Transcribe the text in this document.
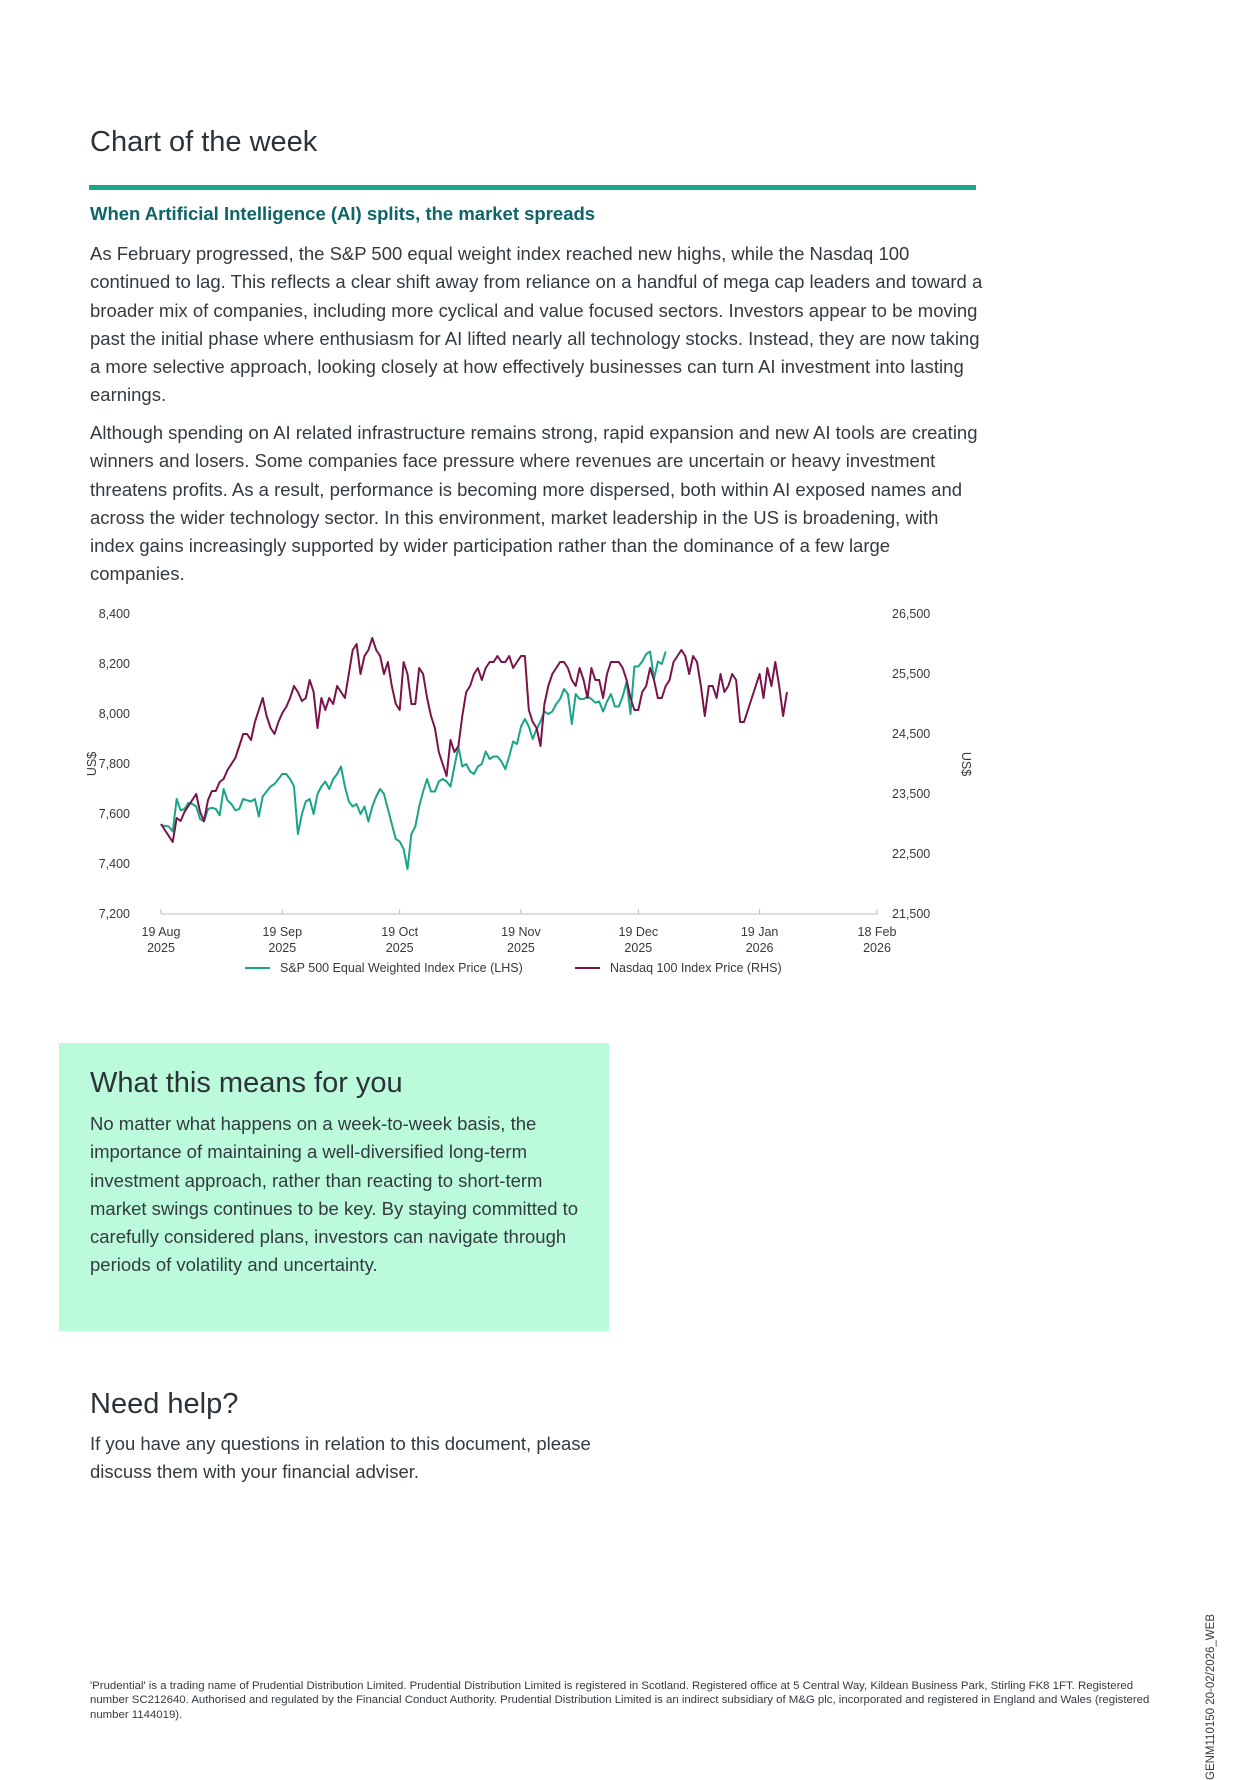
Chart of the week
When Artificial Intelligence (AI) splits, the market spreads

As February progressed, the S&P 500 equal weight index reached new highs, while the Nasdaq 100 continued to lag. This reflects a clear shift away from reliance on a handful of mega cap leaders and toward a broader mix of companies, including more cyclical and value focused sectors. Investors appear to be moving past the initial phase where enthusiasm for AI lifted nearly all technology stocks. Instead, they are now taking a more selective approach, looking closely at how effectively businesses can turn AI investment into lasting earnings.

Although spending on AI related infrastructure remains strong, rapid expansion and new AI tools are creating winners and losers. Some companies face pressure where revenues are uncertain or heavy investment threatens profits. As a result, performance is becoming more dispersed, both within AI exposed names and across the wider technology sector. In this environment, market leadership in the US is broadening, with index gains increasingly supported by wider participation rather than the dominance of a few large companies.

7,200
7,400
7,600
7,800
8,000
8,200
8,400
21,500
22,500
23,500
24,500
25,500
26,500
US$	US$
19 Aug
2025
19 Sep
2025
19 Oct
2025
19 Nov
2025
19 Dec
2025
19 Jan
2026
18 Feb
2026
S&P 500 Equal Weighted Index Price (LHS)	Nasdaq 100 Index Price (RHS)
What this means for you

No matter what happens on a week-to-week basis, the importance of maintaining a well-diversified long-term investment approach, rather than reacting to short-term market swings continues to be key. By staying committed to carefully considered plans, investors can navigate through periods of volatility and uncertainty.

Need help?

If you have any questions in relation to this document, please discuss them with your financial adviser.

'Prudential' is a trading name of Prudential Distribution Limited. Prudential Distribution Limited is registered in Scotland. Registered office at 5 Central Way, Kildean Business Park, Stirling FK8 1FT. Registered number SC212640. Authorised and regulated by the Financial Conduct Authority. Prudential Distribution Limited is an indirect subsidiary of M&G plc, incorporated and registered in England and Wales (registered number 1144019).	GENM110150 20-02/2026_WEB
